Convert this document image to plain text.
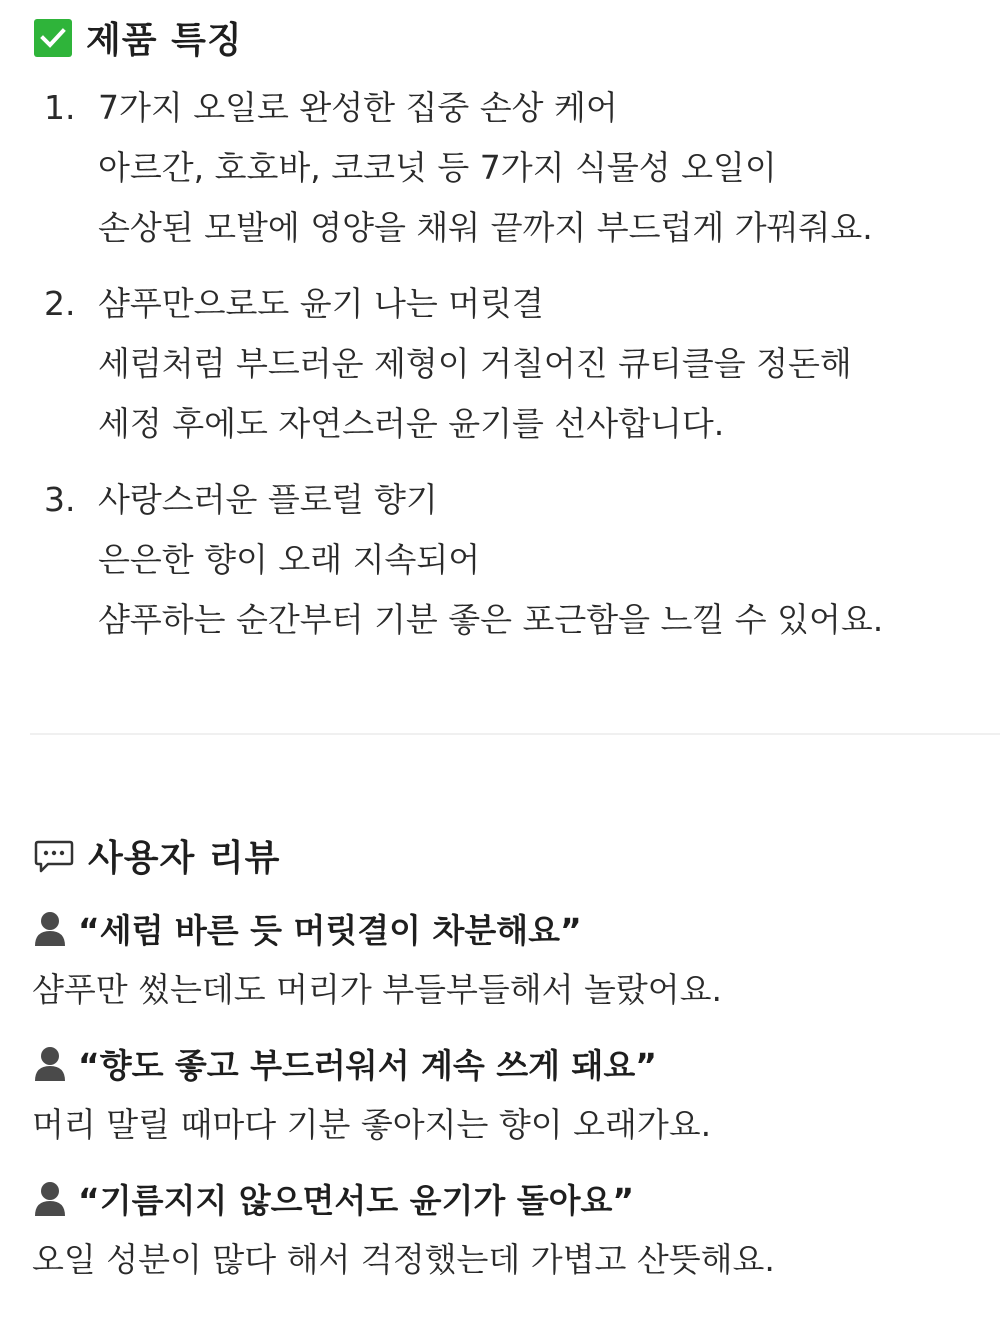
제품 특징
1. 7가지 오일로 완성한 집중 손상 케어
아르간, 호호바, 코코넛 등 7가지 식물성 오일이
손상된 모발에 영양을 채워 끝까지 부드럽게 가꿔줘요.
2. 샴푸만으로도 윤기 나는 머릿결
세럼처럼 부드러운 제형이 거칠어진 큐티클을 정돈해
세정 후에도 자연스러운 윤기를 선사합니다.
3. 사랑스러운 플로럴 향기
은은한 향이 오래 지속되어
샴푸하는 순간부터 기분 좋은 포근함을 느낄 수 있어요.
사용자 리뷰
“세럼 바른 듯 머릿결이 차분해요”
샴푸만 썼는데도 머리가 부들부들해서 놀랐어요.
“향도 좋고 부드러워서 계속 쓰게 돼요”
머리 말릴 때마다 기분 좋아지는 향이 오래가요.
“기름지지 않으면서도 윤기가 돌아요”
오일 성분이 많다 해서 걱정했는데 가볍고 산뜻해요.
